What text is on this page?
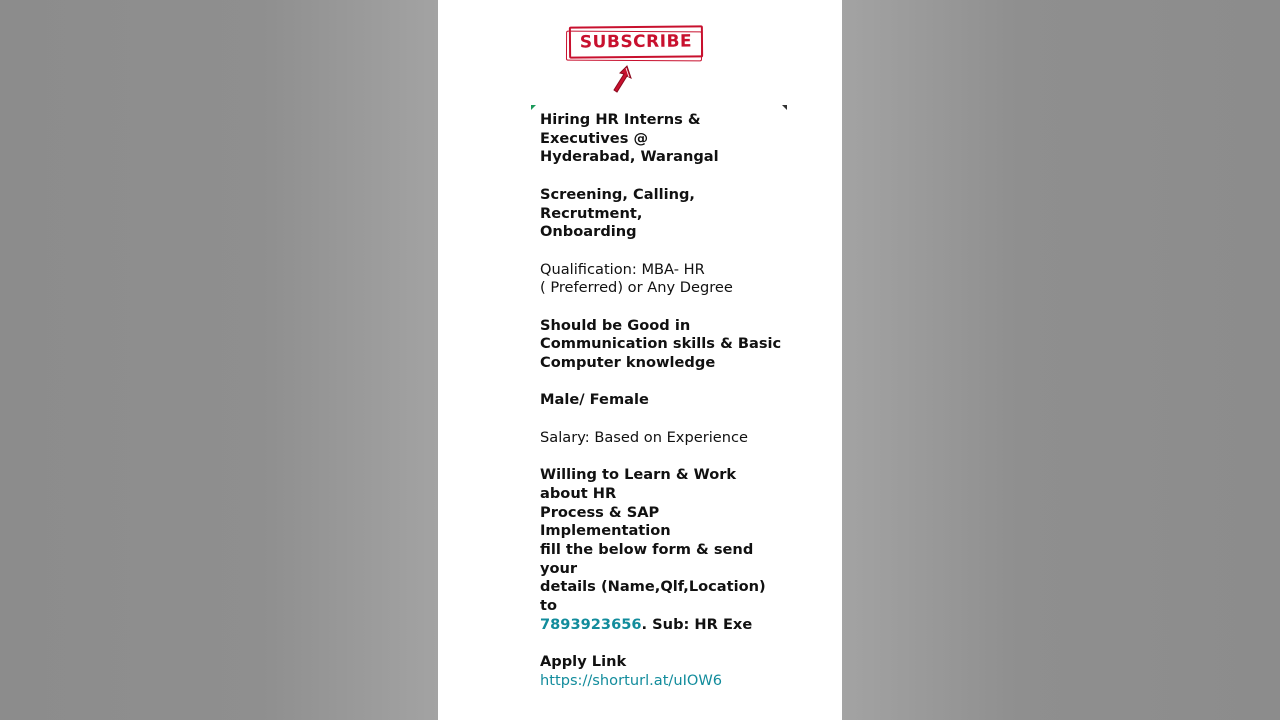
SUBSCRIBE
Hiring HR Interns & Executives @
Hyderabad, Warangal
Screening, Calling, Recrutment,
Onboarding
Qualification: MBA- HR
( Preferred) or Any Degree
Should be Good in
Communication skills & Basic
Computer knowledge
Male/ Female
Salary: Based on Experience
Willing to Learn & Work about HR
Process & SAP Implementation
fill the below form & send your
details (Name,Qlf,Location) to
7893923656. Sub: HR Exe
Apply Link
https://shorturl.at/uIOW6
